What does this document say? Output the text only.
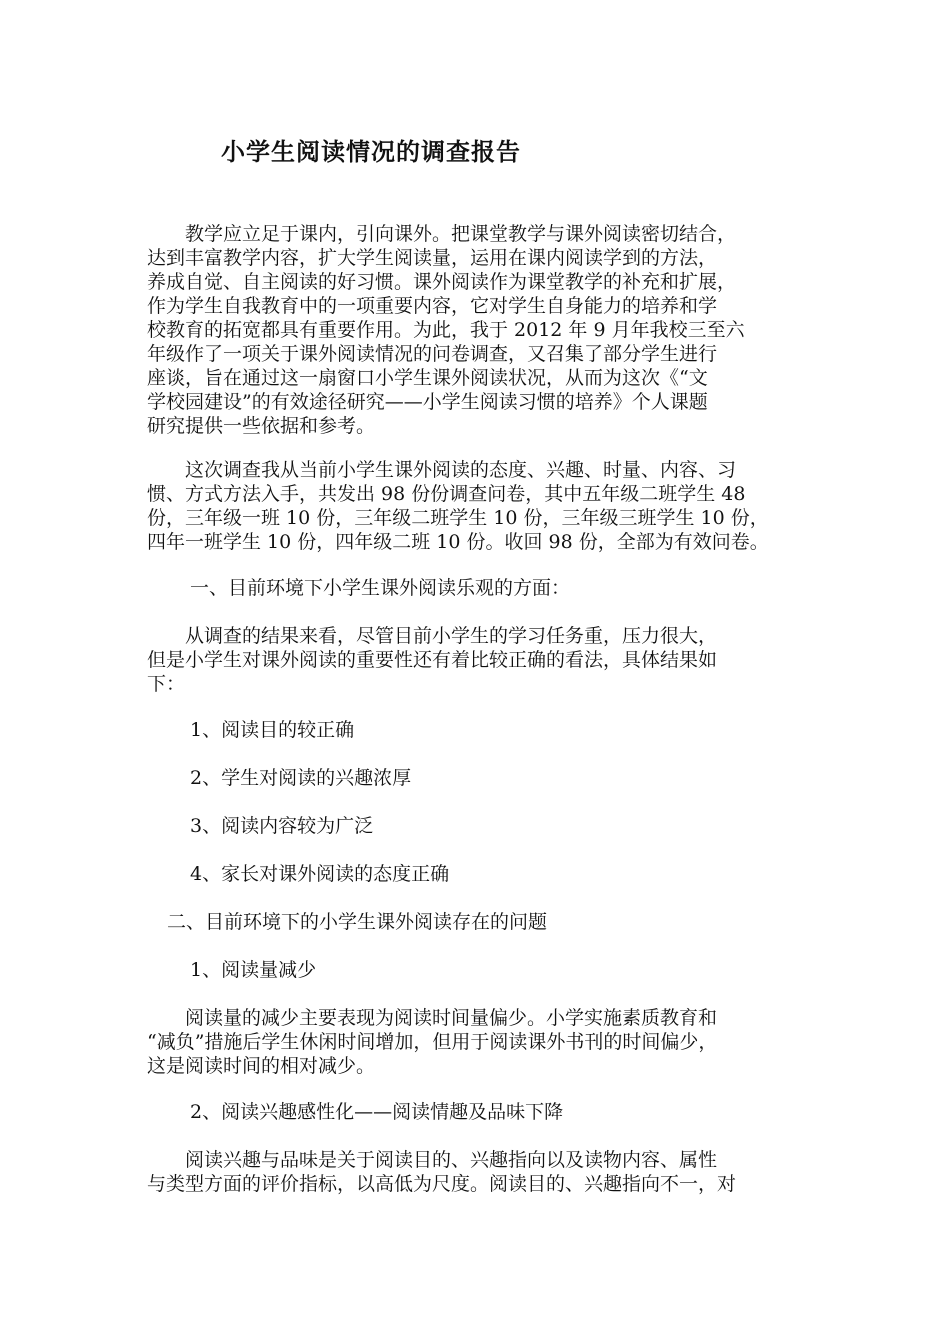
小学生阅读情况的调查报告

教学应立足于课内，引向课外。把课堂教学与课外阅读密切结合，
达到丰富教学内容，扩大学生阅读量，运用在课内阅读学到的方法，
养成自觉、自主阅读的好习惯。课外阅读作为课堂教学的补充和扩展，
作为学生自我教育中的一项重要内容，它对学生自身能力的培养和学
校教育的拓宽都具有重要作用。为此，我于 2012 年 9 月年我校三至六
年级作了一项关于课外阅读情况的问卷调查，又召集了部分学生进行
座谈，旨在通过这一扇窗口小学生课外阅读状况，从而为这次《“文
学校园建设”的有效途径研究——小学生阅读习惯的培养》个人课题
研究提供一些依据和参考。

这次调查我从当前小学生课外阅读的态度、兴趣、时量、内容、习
惯、方式方法入手，共发出 98 份份调查问卷，其中五年级二班学生 48
份，三年级一班 10 份，三年级二班学生 10 份，三年级三班学生 10 份，
四年一班学生 10 份，四年级二班 10 份。收回 98 份，全部为有效问卷。

一、目前环境下小学生课外阅读乐观的方面：

从调查的结果来看，尽管目前小学生的学习任务重，压力很大，
但是小学生对课外阅读的重要性还有着比较正确的看法，具体结果如
下：

1、阅读目的较正确
2、学生对阅读的兴趣浓厚
3、阅读内容较为广泛
4、家长对课外阅读的态度正确
二、目前环境下的小学生课外阅读存在的问题
1、阅读量减少

阅读量的减少主要表现为阅读时间量偏少。小学实施素质教育和
“减负”措施后学生休闲时间增加，但用于阅读课外书刊的时间偏少，
这是阅读时间的相对减少。

2、阅读兴趣感性化——阅读情趣及品味下降

阅读兴趣与品味是关于阅读目的、兴趣指向以及读物内容、属性
与类型方面的评价指标，以高低为尺度。阅读目的、兴趣指向不一，对
